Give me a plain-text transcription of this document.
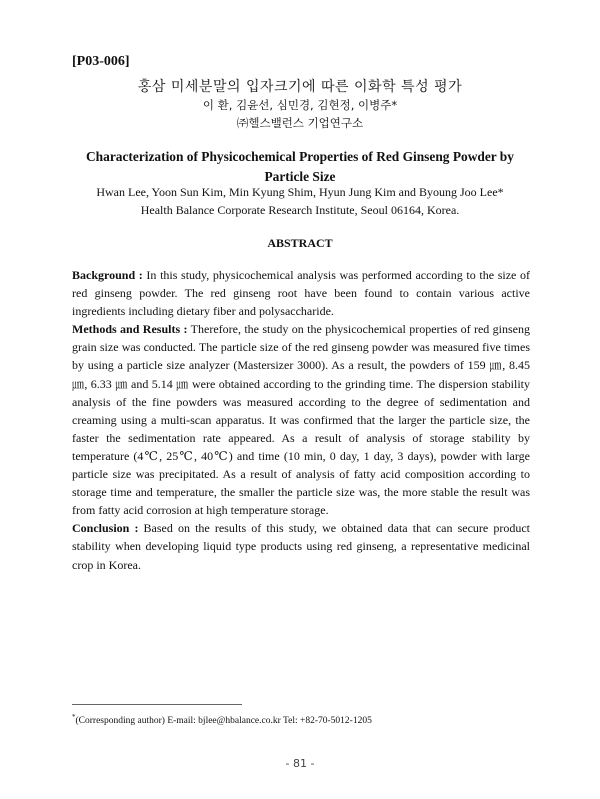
[P03-006]
홍삼 미세분말의 입자크기에 따른 이화학 특성 평가
이 환, 김윤선, 심민경, 김현정, 이병주*
㈜헬스밸런스 기업연구소
Characterization of Physicochemical Properties of Red Ginseng Powder by Particle Size
Hwan Lee, Yoon Sun Kim, Min Kyung Shim, Hyun Jung Kim and Byoung Joo Lee*
Health Balance Corporate Research Institute, Seoul 06164, Korea.
ABSTRACT

Background : In this study, physicochemical analysis was performed according to the size of red ginseng powder. The red ginseng root have been found to contain various active ingredients including dietary fiber and polysaccharide.

Methods and Results : Therefore, the study on the physicochemical properties of red ginseng grain size was conducted. The particle size of the red ginseng powder was measured five times by using a particle size analyzer (Mastersizer 3000). As a result, the powders of 159 ㎛, 8.45 ㎛, 6.33 ㎛ and 5.14 ㎛ were obtained according to the grinding time. The dispersion stability analysis of the fine powders was measured according to the degree of sedimentation and creaming using a multi-scan apparatus. It was confirmed that the larger the particle size, the faster the sedimentation rate appeared. As a result of analysis of storage stability by temperature (4℃, 25℃, 40℃) and time (10 min, 0 day, 1 day, 3 days), powder with large particle size was precipitated. As a result of analysis of fatty acid composition according to storage time and temperature, the smaller the particle size was, the more stable the result was from fatty acid corrosion at high temperature storage.

Conclusion : Based on the results of this study, we obtained data that can secure product stability when developing liquid type products using red ginseng, a representative medicinal crop in Korea.

*(Corresponding author) E-mail: bjlee@hbalance.co.kr Tel: +82-70-5012-1205
- 81 -
